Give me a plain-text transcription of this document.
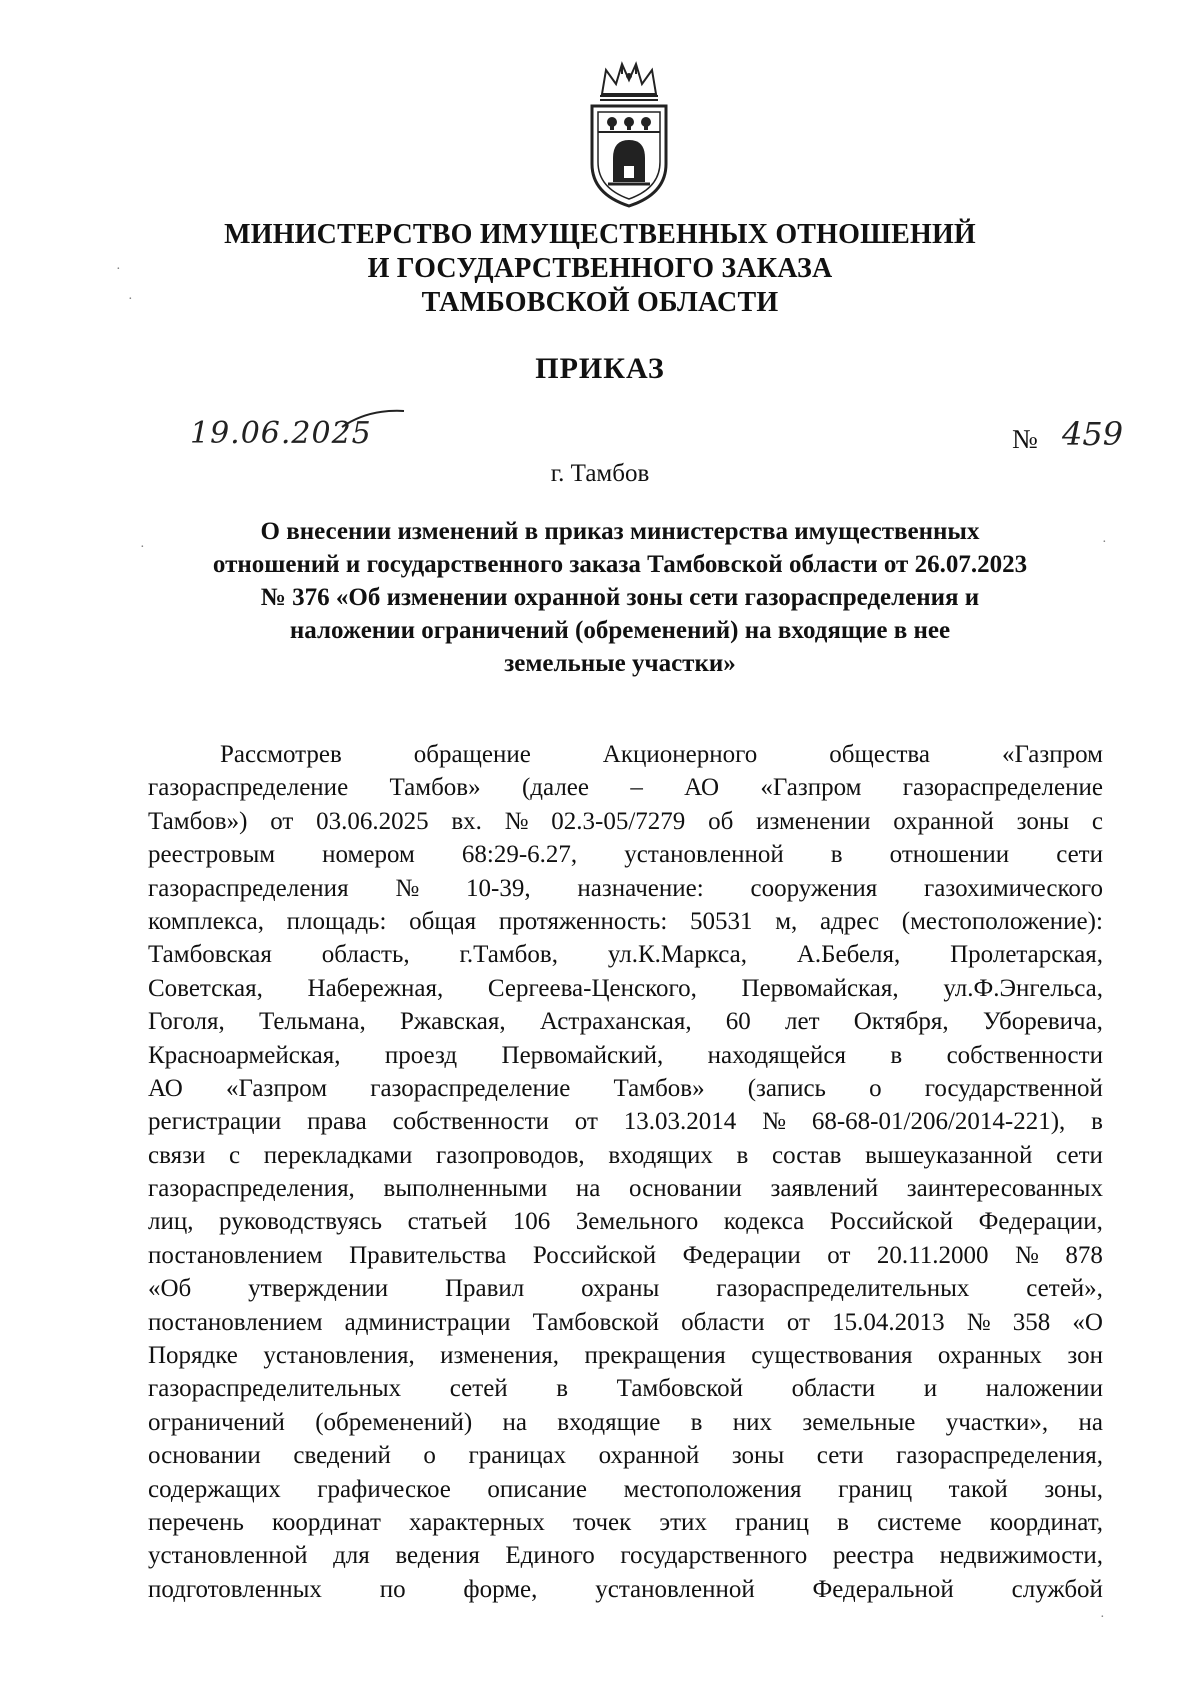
МИНИСТЕРСТВО ИМУЩЕСТВЕННЫХ ОТНОШЕНИЙ
И ГОСУДАРСТВЕННОГО ЗАКАЗА
ТАМБОВСКОЙ ОБЛАСТИ
ПРИКАЗ
19.06.2025	№ 459
г. Тамбов
О внесении изменений в приказ министерства имущественных
отношений и государственного заказа Тамбовской области от 26.07.2023
№ 376 «Об изменении охранной зоны сети газораспределения и
наложении ограничений (обременений) на входящие в нее
земельные участки»
Рассмотрев	обращение	Акционерного	общества	«Газпром
газораспределение Тамбов» (далее – АО «Газпром газораспределение
Тамбов») от 03.06.2025 вх. № 02.3-05/7279 об изменении охранной зоны с
реестровым номером 68:29-6.27, установленной в отношении сети
газораспределения № 10-39, назначение: сооружения газохимического
комплекса, площадь: общая протяженность: 50531 м, адрес (местоположение):
Тамбовская область, г.Тамбов, ул.К.Маркса, А.Бебеля, Пролетарская,
Советская, Набережная, Сергеева-Ценского, Первомайская, ул.Ф.Энгельса,
Гоголя, Тельмана, Ржавская, Астраханская, 60 лет Октября, Уборевича,
Красноармейская, проезд Первомайский, находящейся в собственности
АО «Газпром газораспределение Тамбов» (запись о государственной
регистрации права собственности от 13.03.2014 № 68-68-01/206/2014-221), в
связи с перекладками газопроводов, входящих в состав вышеуказанной сети
газораспределения, выполненными на основании заявлений заинтересованных
лиц, руководствуясь статьей 106 Земельного кодекса Российской Федерации,
постановлением Правительства Российской Федерации от 20.11.2000 № 878
«Об утверждении Правил охраны газораспределительных сетей»,
постановлением администрации Тамбовской области от 15.04.2013 № 358 «О
Порядке установления, изменения, прекращения существования охранных зон
газораспределительных сетей в Тамбовской области и наложении
ограничений (обременений) на входящие в них земельные участки», на
основании сведений о границах охранной зоны сети газораспределения,
содержащих графическое описание местоположения границ такой зоны,
перечень координат характерных точек этих границ в системе координат,
установленной для ведения Единого государственного реестра недвижимости,
подготовленных по форме, установленной Федеральной службой
·
·
·	·
·
